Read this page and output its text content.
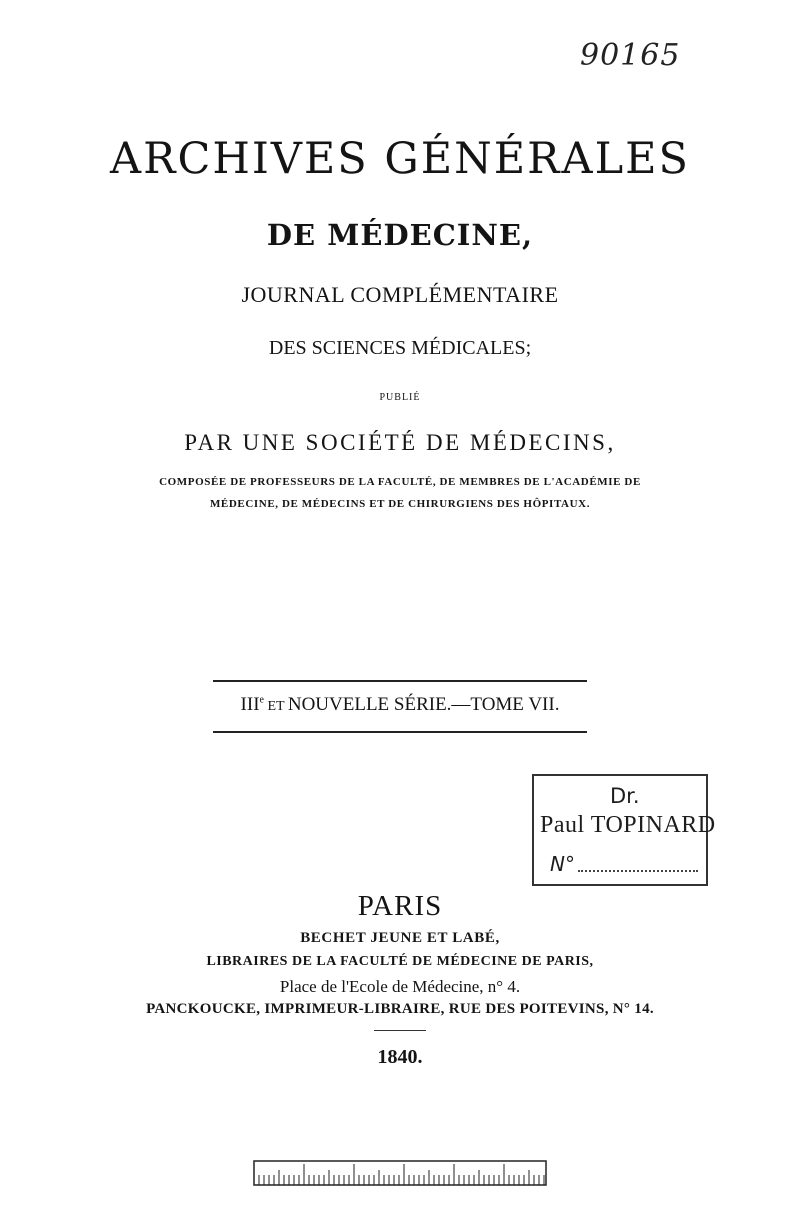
90165
ARCHIVES GÉNÉRALES
DE MÉDECINE,
JOURNAL COMPLÉMENTAIRE
DES SCIENCES MÉDICALES;
PUBLIÉ
PAR UNE SOCIÉTÉ DE MÉDECINS,
COMPOSÉE DE PROFESSEURS DE LA FACULTÉ, DE MEMBRES DE L'ACADÉMIE DE
MÉDECINE, DE MÉDECINS ET DE CHIRURGIENS DES HÔPITAUX.
IIIe ET NOUVELLE SÉRIE.—TOME VII.
Dr.
Paul TOPINARD
N°
PARIS
BECHET JEUNE ET LABÉ,
LIBRAIRES DE LA FACULTÉ DE MÉDECINE DE PARIS,
Place de l'Ecole de Médecine, n° 4.
PANCKOUCKE, IMPRIMEUR-LIBRAIRE, RUE DES POITEVINS, N° 14.
1840.
